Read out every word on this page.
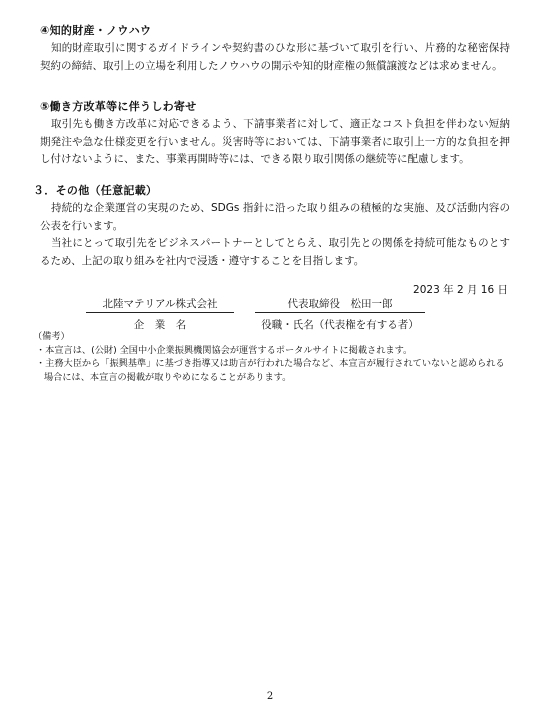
④知的財産・ノウハウ

知的財産取引に関するガイドラインや契約書のひな形に基づいて取引を行い、片務的な秘密保持契約の締結、取引上の立場を利用したノウハウの開示や知的財産権の無償譲渡などは求めません。

⑤働き方改革等に伴うしわ寄せ

取引先も働き方改革に対応できるよう、下請事業者に対して、適正なコスト負担を伴わない短納期発注や急な仕様変更を行いません。災害時等においては、下請事業者に取引上一方的な負担を押し付けないように、また、事業再開時等には、できる限り取引関係の継続等に配慮します。

３．その他（任意記載）

持続的な企業運営の実現のため、SDGs 指針に沿った取り組みの積極的な実施、及び活動内容の公表を行います。

当社にとって取引先をビジネスパートナーとしてとらえ、取引先との関係を持続可能なものとするため、上記の取り組みを社内で浸透・遵守することを目指します。

2023 年 2 月 16 日
北陸マテリアル株式会社
企　業　名
代表取締役　松田一郎
役職・氏名（代表権を有する者）
（備考）
・本宣言は、(公財) 全国中小企業振興機関協会が運営するポータルサイトに掲載されます。
・主務大臣から「振興基準」に基づき指導又は助言が行われた場合など、本宣言が履行されていないと認められる場合には、本宣言の掲載が取りやめになることがあります。
2
